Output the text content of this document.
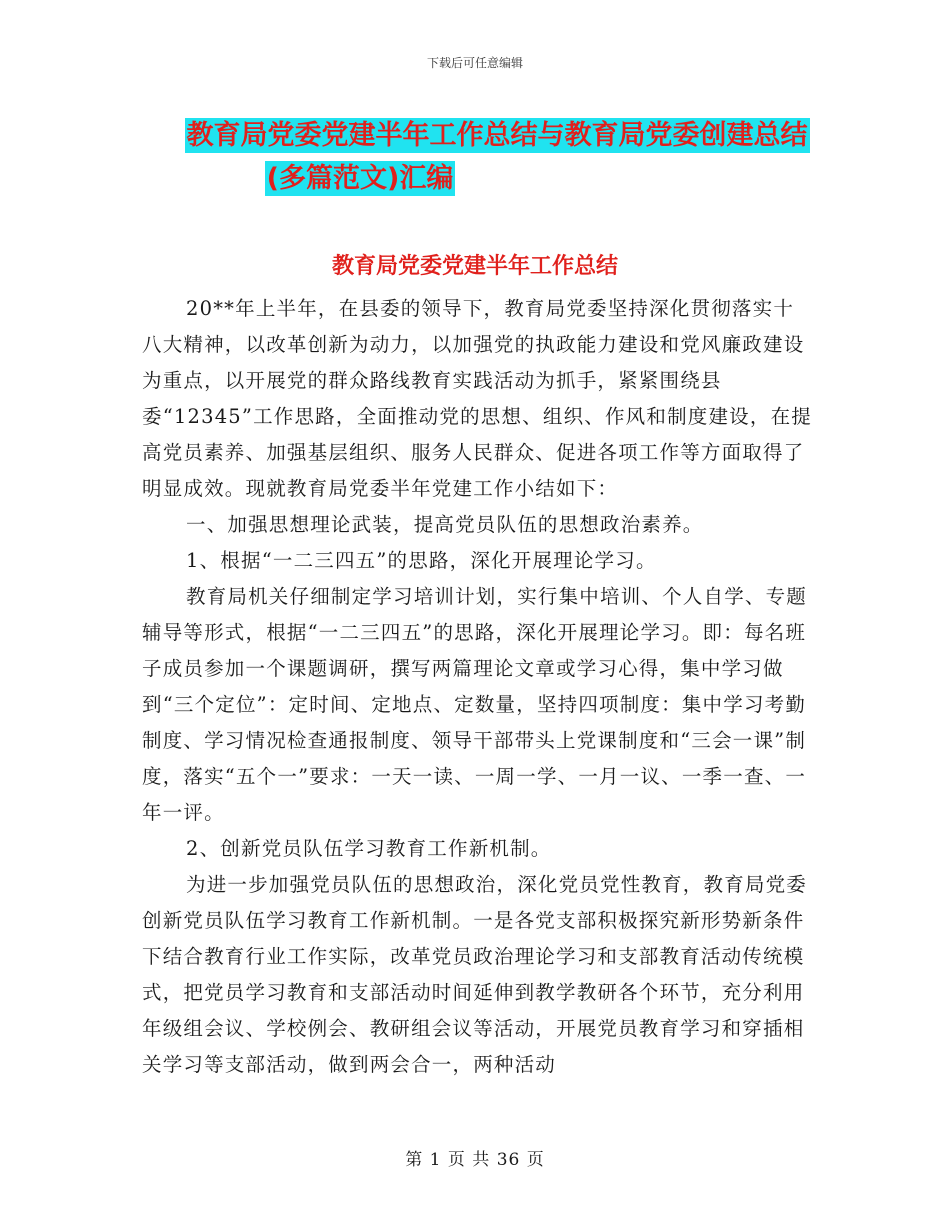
下载后可任意编辑
教育局党委党建半年工作总结与教育局党委创建总结
(多篇范文)汇编
教育局党委党建半年工作总结

20**年上半年，在县委的领导下，教育局党委坚持深化贯彻落实十八大精神，以改革创新为动力，以加强党的执政能力建设和党风廉政建设为重点，以开展党的群众路线教育实践活动为抓手，紧紧围绕县委“12345”工作思路，全面推动党的思想、组织、作风和制度建设，在提高党员素养、加强基层组织、服务人民群众、促进各项工作等方面取得了明显成效。现就教育局党委半年党建工作小结如下：

一、加强思想理论武装，提高党员队伍的思想政治素养。

1、根据“一二三四五”的思路，深化开展理论学习。

教育局机关仔细制定学习培训计划，实行集中培训、个人自学、专题辅导等形式，根据“一二三四五”的思路，深化开展理论学习。即：每名班子成员参加一个课题调研，撰写两篇理论文章或学习心得，集中学习做到“三个定位”：定时间、定地点、定数量，坚持四项制度：集中学习考勤制度、学习情况检查通报制度、领导干部带头上党课制度和“三会一课”制度，落实“五个一”要求：一天一读、一周一学、一月一议、一季一查、一年一评。

2、创新党员队伍学习教育工作新机制。

为进一步加强党员队伍的思想政治，深化党员党性教育，教育局党委创新党员队伍学习教育工作新机制。一是各党支部积极探究新形势新条件下结合教育行业工作实际，改革党员政治理论学习和支部教育活动传统模式，把党员学习教育和支部活动时间延伸到教学教研各个环节，充分利用年级组会议、学校例会、教研组会议等活动，开展党员教育学习和穿插相关学习等支部活动，做到两会合一，两种活动

第 1 页 共 36 页
